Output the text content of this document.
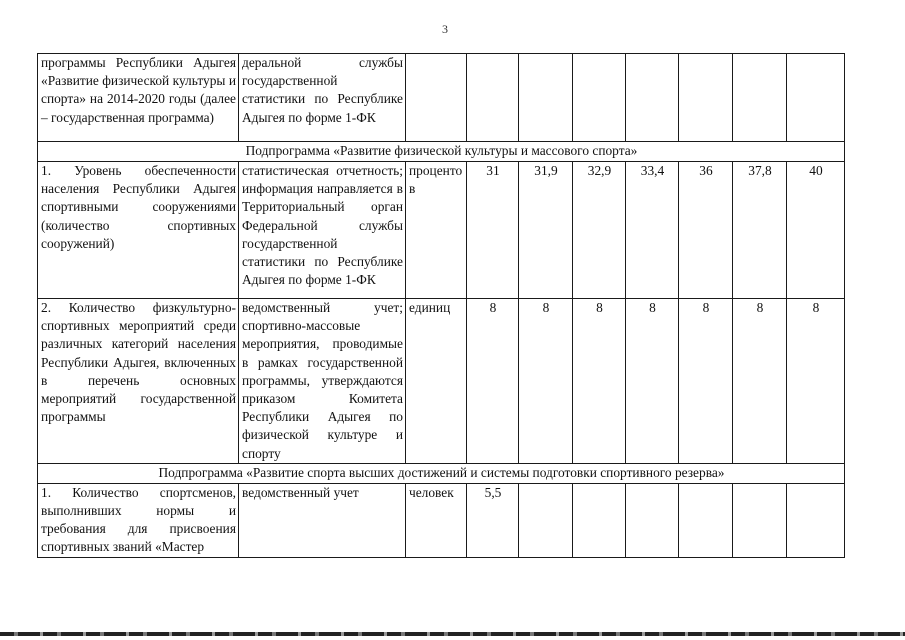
3
программы Республики Адыгея «Развитие физической культуры и спорта» на 2014-2020 годы (далее – государственная программа)	деральной службы государственной статистики по Республике Адыгея по форме 1-ФК								
Подпрограмма «Развитие физической культуры и массового спорта»									
1. Уровень обеспеченности населения Республики Адыгея спортивными сооружениями (количество спортивных сооружений)	статистическая отчетность; информация направляется в Территориальный орган Федеральной службы государственной статистики по Республике Адыгея по форме 1-ФК	процентов	31	31,9	32,9	33,4	36	37,8	40
2. Количество физкультурно-спортивных мероприятий среди различных категорий населения Республики Адыгея, включенных в перечень основных мероприятий государственной программы	ведомственный учет; спортивно-массовые мероприятия, проводимые в рамках государственной программы, утверждаются приказом Комитета Республики Адыгея по физической культуре и спорту	единиц	8	8	8	8	8	8	8
Подпрограмма «Развитие спорта высших достижений и системы подготовки спортивного резерва»									
1. Количество спортсменов, выполнивших нормы и требования для присвоения спортивных званий «Мастер	ведомственный учет	человек	5,5						
